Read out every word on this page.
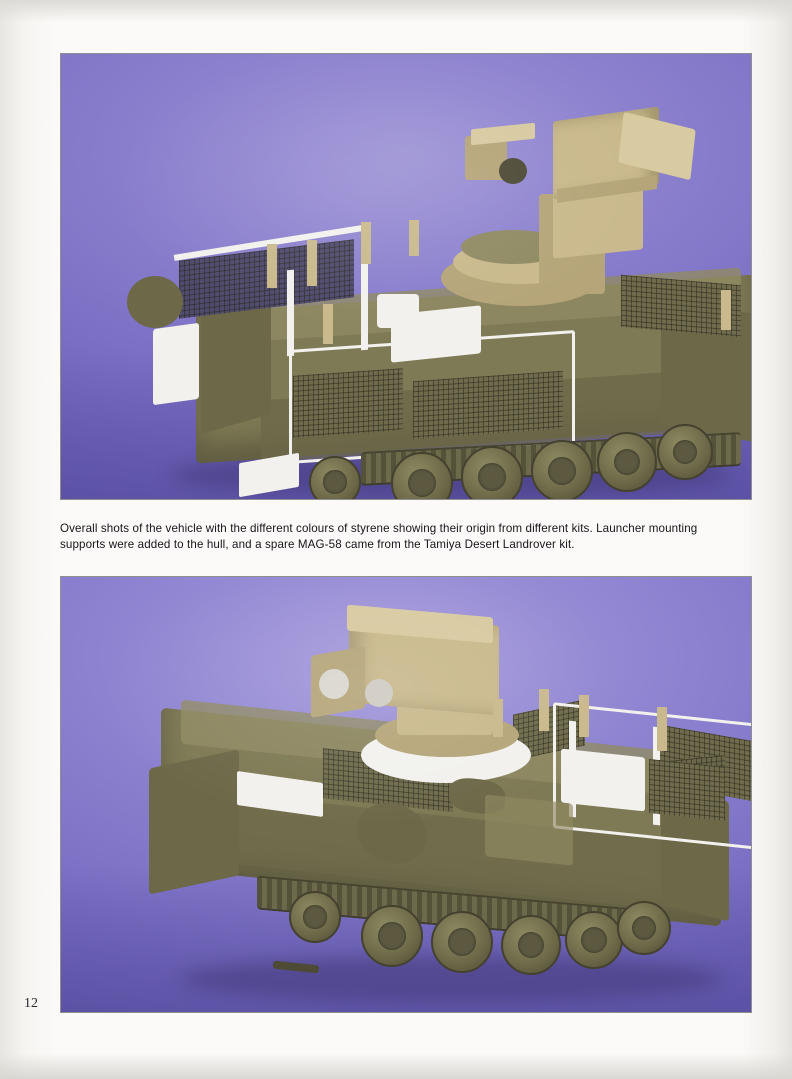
Overall shots of the vehicle with the different colours of styrene showing their origin from different kits. Launcher mounting supports were added to the hull, and a spare MAG-58 came from the Tamiya Desert Landrover kit.

12
